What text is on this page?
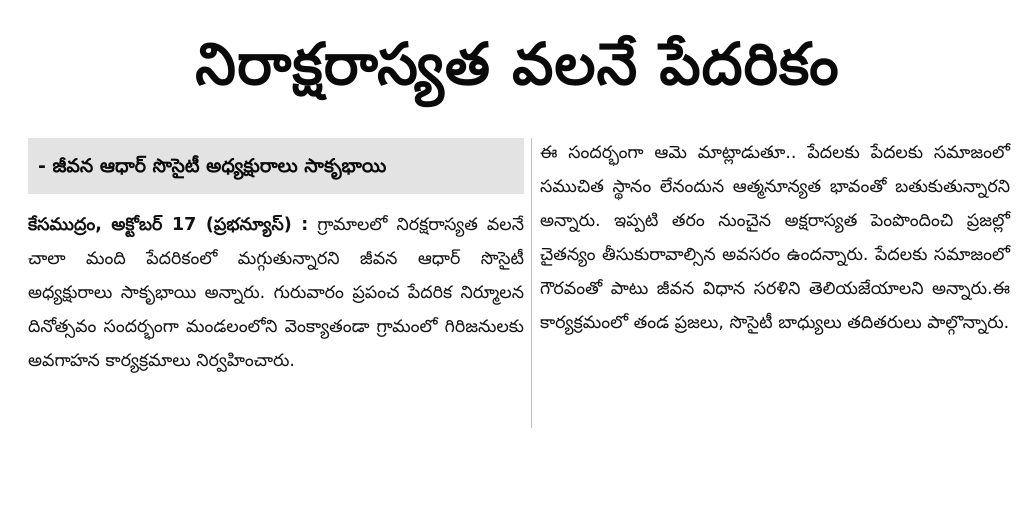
నిరాక్షరాస్యత వలనే పేదరికం
- జీవన ఆధార్ సొసైటీ అధ్యక్షురాలు సాకృభాయి
కేసముద్రం, అక్టోబర్ 17 (ప్రభన్యూస్) : గ్రామాలలో నిరక్షరాస్యత వలనే చాలా మంది పేదరికంలో మగ్గుతున్నారని జీవన ఆధార్ సొసైటీ అధ్యక్షురాలు సాకృభాయి అన్నారు. గురువారం ప్రపంచ పేదరిక నిర్మూలన దినోత్సవం సందర్భంగా మండలంలోని వెంక్యాతండా గ్రామంలో గిరిజనులకు అవగాహన కార్యక్రమాలు నిర్వహించారు.
ఈ సందర్భంగా ఆమె మాట్లాడుతూ.. పేదలకు పేదలకు సమాజంలో సముచిత స్థానం లేనందున ఆత్మనూన్యత భావంతో బతుకుతున్నారని అన్నారు. ఇప్పటి తరం నుంచైన అక్షరాస్యత పెంపొందించి ప్రజల్లో చైతన్యం తీసుకురావాల్సిన అవసరం ఉందన్నారు. పేదలకు సమాజంలో గౌరవంతో పాటు జీవన విధాన సరళిని తెలియజేయాలని అన్నారు.ఈ కార్యక్రమంలో తండ ప్రజలు, సొసైటీ బాధ్యులు తదితరులు పాల్గొన్నారు.
